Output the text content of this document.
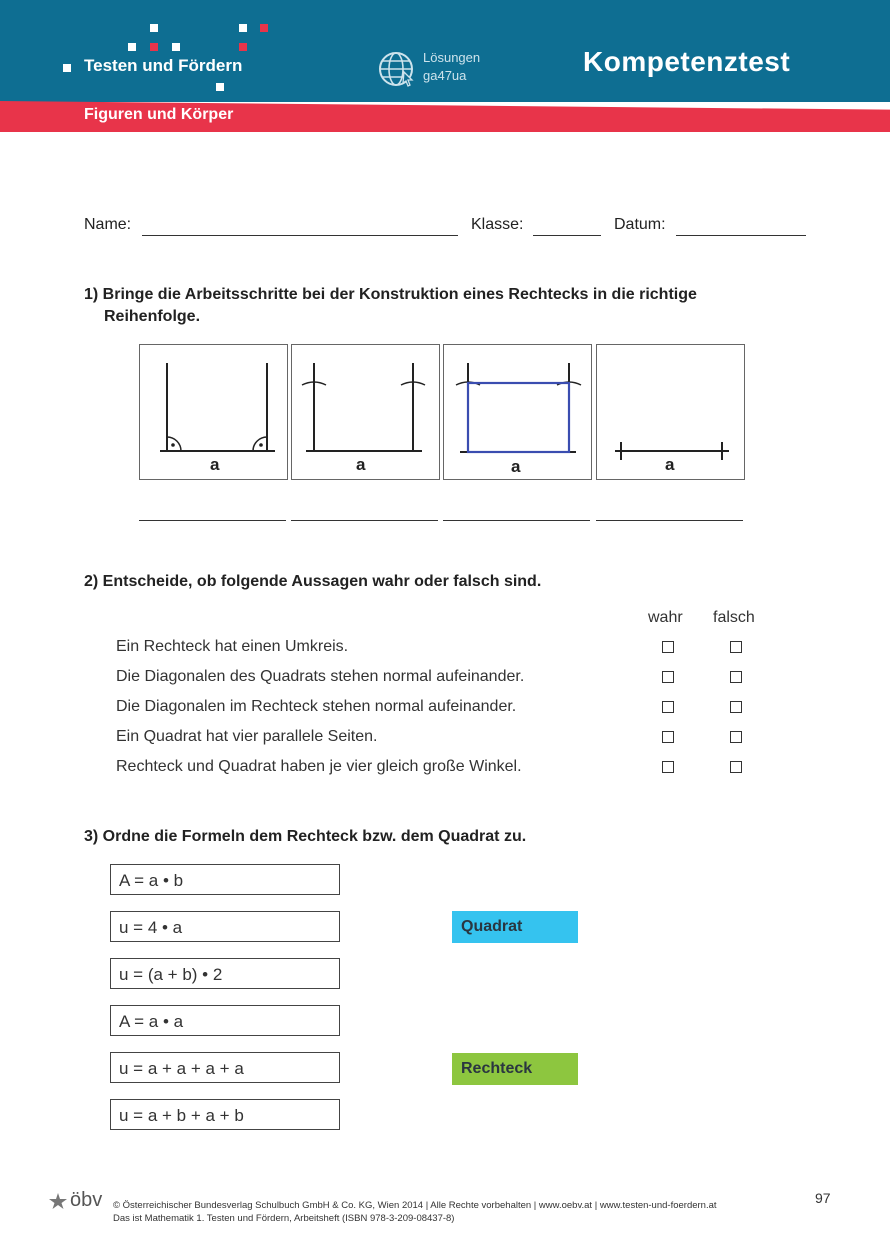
Testen und Fördern	Lösungen
ga47ua	Kompetenztest
Figuren und Körper
Name:	Klasse:	Datum:
1) Bringe die Arbeitsschritte bei der Konstruktion eines Rechtecks in die richtige
Reihenfolge.
a	a	a	a
2) Entscheide, ob folgende Aussagen wahr oder falsch sind.
wahr falsch
Ein Rechteck hat einen Umkreis.
Die Diagonalen des Quadrats stehen normal aufeinander.
Die Diagonalen im Rechteck stehen normal aufeinander.
Ein Quadrat hat vier parallele Seiten.
Rechteck und Quadrat haben je vier gleich große Winkel.
3) Ordne die Formeln dem Rechteck bzw. dem Quadrat zu.
A = a • b
u = 4 • a
u = (a + b) • 2
A = a • a
u = a + a + a + a
u = a + b + a + b
Quadrat
Rechteck
öbv © Österreichischer Bundesverlag Schulbuch GmbH & Co. KG, Wien 2014 | Alle Rechte vorbehalten | www.oebv.at | www.testen-und-foerdern.at
Das ist Mathematik 1. Testen und Fördern, Arbeitsheft (ISBN 978-3-209-08437-8)
97
